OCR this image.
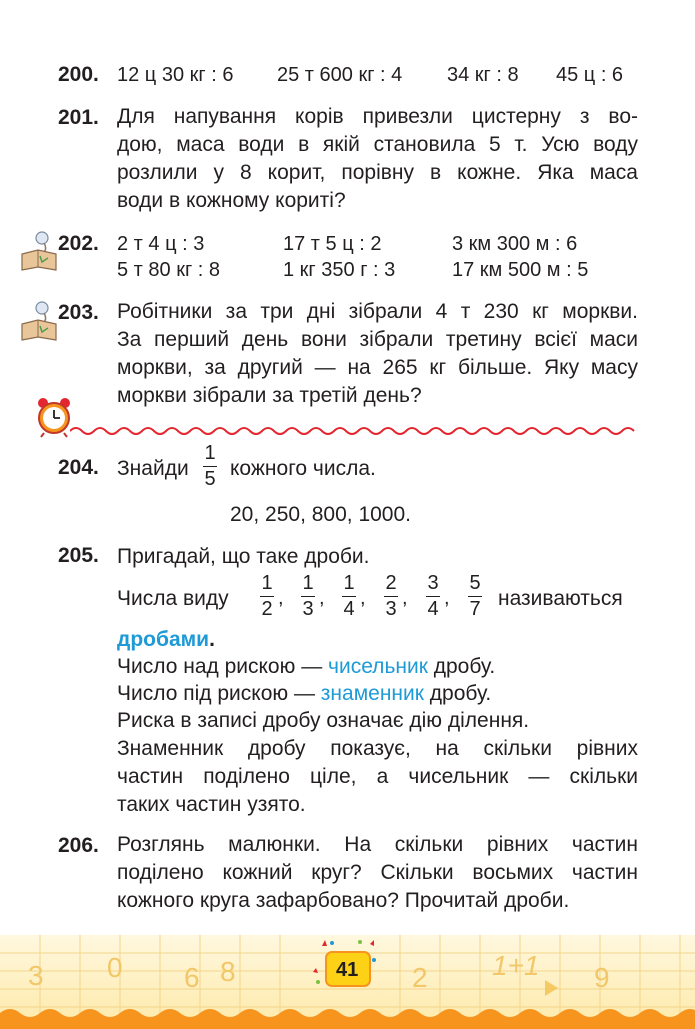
200. 12 ц 30 кг : 6 25 т 600 кг : 4 34 кг : 8 45 ц : 6
201. Для напування корів привезли цистерну з во-
дою, маса води в якій становила 5 т. Усю воду
розлили у 8 корит, порівну в кожне. Яка маса
води в кожному кориті?
202. 2 т 4 ц : 3	17 т 5 ц : 2	3 км 300 м : 6
5 т 80 кг : 8	1 кг 350 г : 3	17 км 500 м : 5
203. Робітники за три дні зібрали 4 т 230 кг моркви.
За перший день вони зібрали третину всієї маси
моркви, за другий — на 265 кг більше. Яку масу
моркви зібрали за третій день?
204. Знайди
1
5 кожного числа.
20, 250, 800, 1000.
205. Пригадай, що таке дроби.
Числа виду
1
2 ,
1
3 ,
1
4 ,
2
3 ,
3
4 ,
5
7 називаються
дробами.
Число над рискою — чисельник дробу.
Число під рискою — знаменник дробу.
Риска в записі дробу означає дію ділення.
Знаменник дробу показує, на скільки рівних
частин поділено ціле, а чисельник — скільки
таких частин узято.
206. Розглянь малюнки. На скільки рівних частин
поділено кожний круг? Скільки восьмих частин
кожного круга зафарбовано? Прочитай дроби.
3 0 6 8	2 1+1 9
41
